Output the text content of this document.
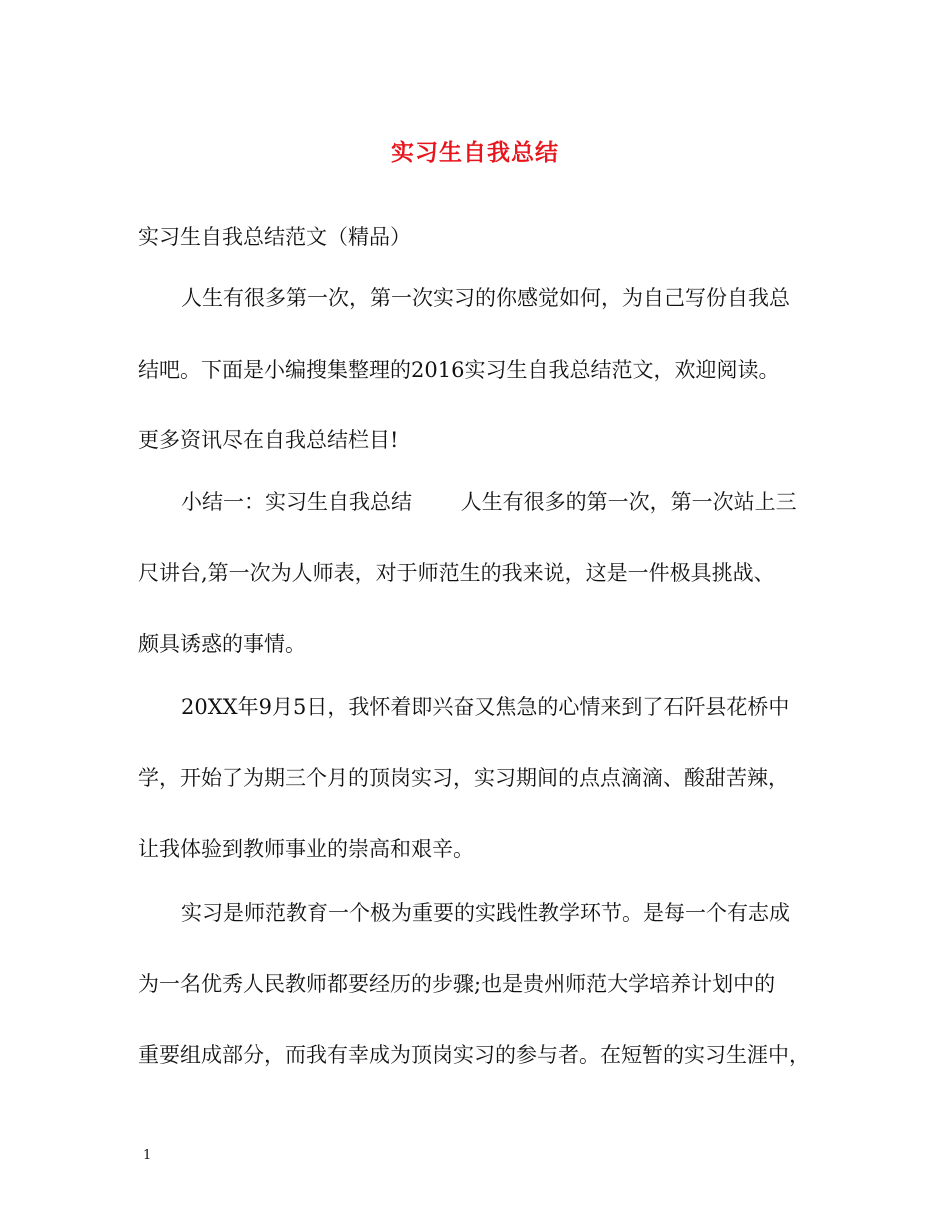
实习生自我总结

实习生自我总结范文（精品）

人生有很多第一次，第一次实习的你感觉如何，为自己写份自我总

结吧。下面是小编搜集整理的2016实习生自我总结范文，欢迎阅读。

更多资讯尽在自我总结栏目!

小结一：实习生自我总结　　 人生有很多的第一次，第一次站上三

尺讲台,第一次为人师表，对于师范生的我来说，这是一件极具挑战、

颇具诱惑的事情。

20XX年9月5日，我怀着即兴奋又焦急的心情来到了石阡县花桥中

学，开始了为期三个月的顶岗实习，实习期间的点点滴滴、酸甜苦辣，

让我体验到教师事业的崇高和艰辛。

实习是师范教育一个极为重要的实践性教学环节。是每一个有志成

为一名优秀人民教师都要经历的步骤;也是贵州师范大学培养计划中的

重要组成部分，而我有幸成为顶岗实习的参与者。在短暂的实习生涯中，

1
